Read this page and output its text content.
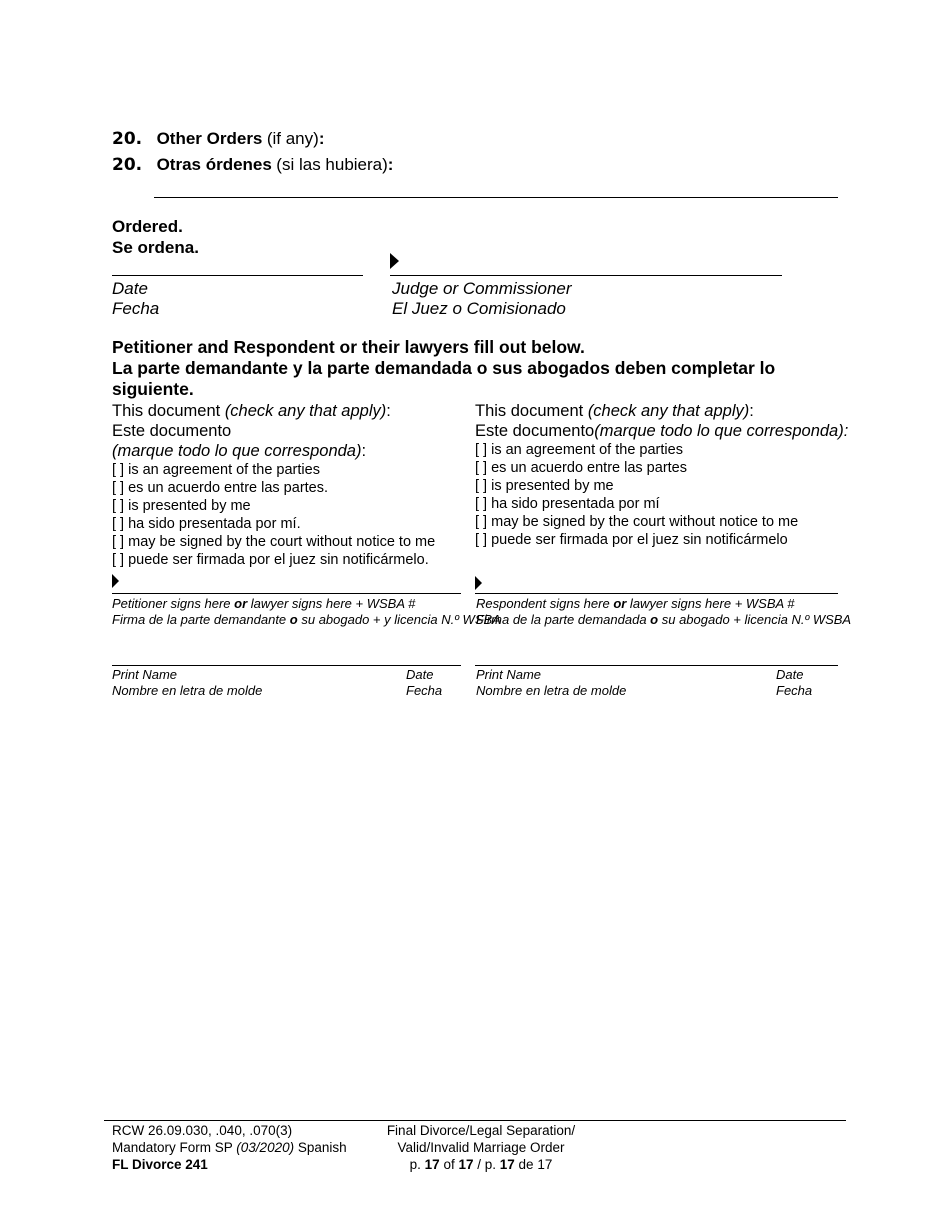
20. Other Orders (if any):
20. Otras órdenes (si las hubiera):
Ordered.
Se ordena.
Date
Fecha
Judge or Commissioner
El Juez o Comisionado
Petitioner and Respondent or their lawyers fill out below.
La parte demandante y la parte demandada o sus abogados deben completar lo siguiente.
This document (check any that apply):
Este documento (marque todo lo que corresponda):
[ ] is an agreement of the parties
[ ] es un acuerdo entre las partes.
[ ] is presented by me
[ ] ha sido presentada por mí.
[ ] may be signed by the court without notice to me
[ ] puede ser firmada por el juez sin notificármelo.
Petitioner signs here or lawyer signs here + WSBA #
Firma de la parte demandante o su abogado + y licencia N.º WSBA
Print Name
Nombre en letra de molde
Date
Fecha
This document (check any that apply):
Este documento(marque todo lo que corresponda):
[ ] is an agreement of the parties
[ ] es un acuerdo entre las partes
[ ] is presented by me
[ ] ha sido presentada por mí
[ ] may be signed by the court without notice to me
[ ] puede ser firmada por el juez sin notificármelo
Respondent signs here or lawyer signs here + WSBA #
Firma de la parte demandada o su abogado + licencia N.º WSBA
Print Name
Nombre en letra de molde
Date
Fecha
RCW 26.09.030, .040, .070(3)
Mandatory Form SP (03/2020) Spanish
FL Divorce 241
Final Divorce/Legal Separation/
Valid/Invalid Marriage Order
p. 17 of 17 / p. 17 de 17
